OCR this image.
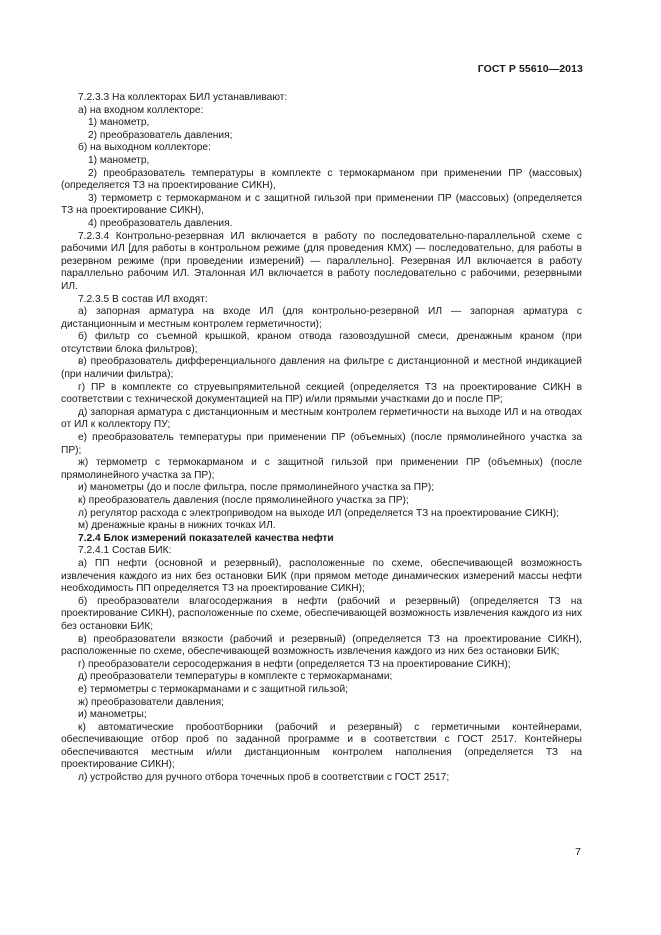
ГОСТ Р 55610—2013

7.2.3.3 На коллекторах БИЛ устанавливают:

а) на входном коллекторе:

1) манометр,

2) преобразователь давления;

б) на выходном коллекторе:

1) манометр,

2) преобразователь температуры в комплекте с термокарманом при применении ПР (массовых) (определяется ТЗ на проектирование СИКН),

3) термометр с термокарманом и с защитной гильзой при применении ПР (массовых) (определяется ТЗ на проектирование СИКН),

4) преобразователь давления.

7.2.3.4 Контрольно-резервная ИЛ включается в работу по последовательно-параллельной схеме с рабочими ИЛ [для работы в контрольном режиме (для проведения КМХ) — последовательно, для работы в резервном режиме (при проведении измерений) — параллельно]. Резервная ИЛ включается в работу параллельно рабочим ИЛ. Эталонная ИЛ включается в работу последовательно с рабочими, резервными ИЛ.

7.2.3.5 В состав ИЛ входят:

а) запорная арматура на входе ИЛ (для контрольно-резервной ИЛ — запорная арматура с дистанционным и местным контролем герметичности);

б) фильтр со съемной крышкой, краном отвода газовоздушной смеси, дренажным краном (при отсутствии блока фильтров);

в) преобразователь дифференциального давления на фильтре с дистанционной и местной индикацией (при наличии фильтра);

г) ПР в комплекте со струевыпрямительной секцией (определяется ТЗ на проектирование СИКН в соответствии с технической документацией на ПР) и/или прямыми участками до и после ПР;

д) запорная арматура с дистанционным и местным контролем герметичности на выходе ИЛ и на отводах от ИЛ к коллектору ПУ;

е) преобразователь температуры при применении ПР (объемных) (после прямолинейного участка за ПР);

ж) термометр с термокарманом и с защитной гильзой при применении ПР (объемных) (после прямолинейного участка за ПР);

и) манометры (до и после фильтра, после прямолинейного участка за ПР);

к) преобразователь давления (после прямолинейного участка за ПР);

л) регулятор расхода с электроприводом на выходе ИЛ (определяется ТЗ на проектирование СИКН);

м) дренажные краны в нижних точках ИЛ.

7.2.4 Блок измерений показателей качества нефти

7.2.4.1 Состав БИК:

а) ПП нефти (основной и резервный), расположенные по схеме, обеспечивающей возможность извлечения каждого из них без остановки БИК (при прямом методе динамических измерений массы нефти необходимость ПП определяется ТЗ на проектирование СИКН);

б) преобразователи влагосодержания в нефти (рабочий и резервный) (определяется ТЗ на проектирование СИКН), расположенные по схеме, обеспечивающей возможность извлечения каждого из них без остановки БИК;

в) преобразователи вязкости (рабочий и резервный) (определяется ТЗ на проектирование СИКН), расположенные по схеме, обеспечивающей возможность извлечения каждого из них без остановки БИК;

г) преобразователи серосодержания в нефти (определяется ТЗ на проектирование СИКН);

д) преобразователи температуры в комплекте с термокарманами;

е) термометры с термокарманами и с защитной гильзой;

ж) преобразователи давления;

и) манометры;

к) автоматические пробоотборники (рабочий и резервный) с герметичными контейнерами, обеспечивающие отбор проб по заданной программе и в соответствии с ГОСТ 2517. Контейнеры обеспечиваются местным и/или дистанционным контролем наполнения (определяется ТЗ на проектирование СИКН);

л) устройство для ручного отбора точечных проб в соответствии с ГОСТ 2517;

7
